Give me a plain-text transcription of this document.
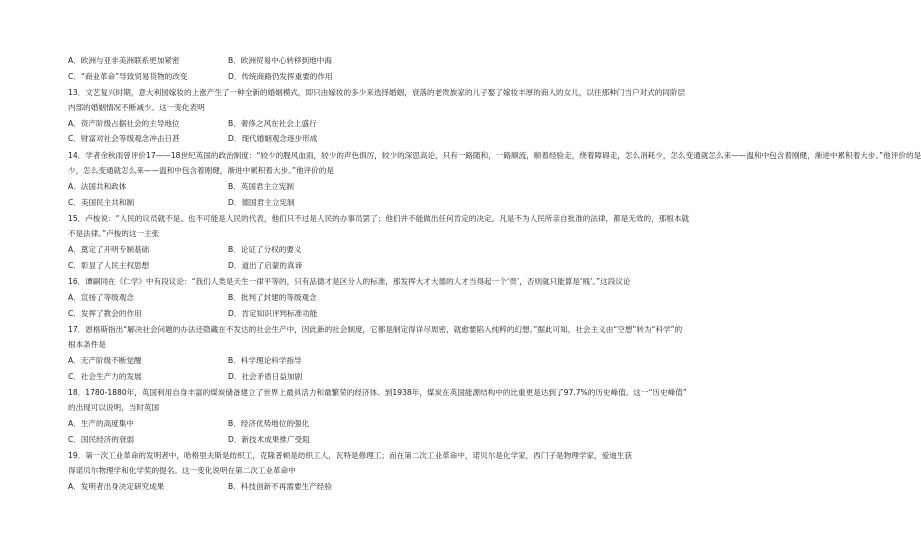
A．欧洲与亚非美洲联系更加紧密	B．欧洲贸易中心转移到地中海
C．“商业革命”导致贸易货物的改变	D．传统商路仍发挥重要的作用
13．文艺复兴时期，意大利园嫁妆的上涨产生了一种全新的婚姻模式，即只由嫁妆的多少来选择婚姻，衰落的老贵族家的儿子娶了嫁妆丰厚的商人的女儿，以往那种门当户对式的同阶层
内部的婚姻情况不断减少。这一变化表明
A．资产阶级占据社会的主导地位	B．奢侈之风在社会上盛行
C．财富对社会等级观念冲击日甚	D．现代婚姻观念逐步形成
14．学者余秋雨曾评价17——18世纪英国的政治制度：“较少的腥风血雨，较少的声色俱厉，较少的深思高论，只有一路随和，一路顺流，顺着经验走，绕着障碍走，怎么消耗少，怎么变通就怎么来——温和中包含着刚健，渐进中累积着大步。”他评价的是
少，怎么变通就怎么来——温和中包含着刚健，渐进中累积着大步。”他评价的是
A．法国共和政体	B．英国君主立宪制
C．美国民主共和制	D．德国君主立宪制
15．卢梭说：“人民的议员就不是、也不可能是人民的代表，他们只不过是人民的办事员罢了；他们并不能做出任何肯定的决定。凡是不为人民所亲自批准的法律，都是无效的，那根本就
不是法律。”卢梭的这一主张
A．奠定了开明专制基础	B．论证了分权的要义
C．彰显了人民主权思想	D．道出了启蒙的真谛
16．谭嗣同在《仁学》中有段议论：“我们人类是天生一律平等的，只有品德才是区分人的标准，那发挥大才大德的人才当得起一个‘贵’，否则就只能算是‘贱’。”这段议论
A．宣扬了等级观念	B．批判了封建的等级观念
C．发挥了教会的作用	D．肯定知识评判标准功能
17．恩格斯指出“解决社会问题的办法还隐藏在不发达的社会生产中，因此新的社会制度，它都是制定得详尽周密，就愈要陷入纯粹的幻想。”据此可知，社会主义由“空想”转为“科学”的
根本条件是
A．无产阶级不断觉醒	B．科学理论科学指导
C．社会生产力的发展	D．社会矛盾日益加剧
18．1780-1880年，英国利用自身丰富的煤炭储备建立了世界上最具活力和最繁荣的经济体。到1938年，煤炭在英国能源结构中的比重更是达到了97.7%的历史峰值。这一“历史峰值”
的出现可以说明，当时英国
A．生产的高度集中	B．经济优势地位的强化
C．国民经济的衰弱	D．新技术成果推广受阻
19．第一次工业革命的发明者中，哈格里夫斯是纺织工，克隆普顿是纺织工人，瓦特是修理工；而在第二次工业革命中，诺贝尔是化学家，西门子是物理学家，爱迪生获
得诺贝尔物理学和化学奖的提名。这一变化说明在第二次工业革命中
A．发明者出身决定研究成果	B．科技创新不再需要生产经验
